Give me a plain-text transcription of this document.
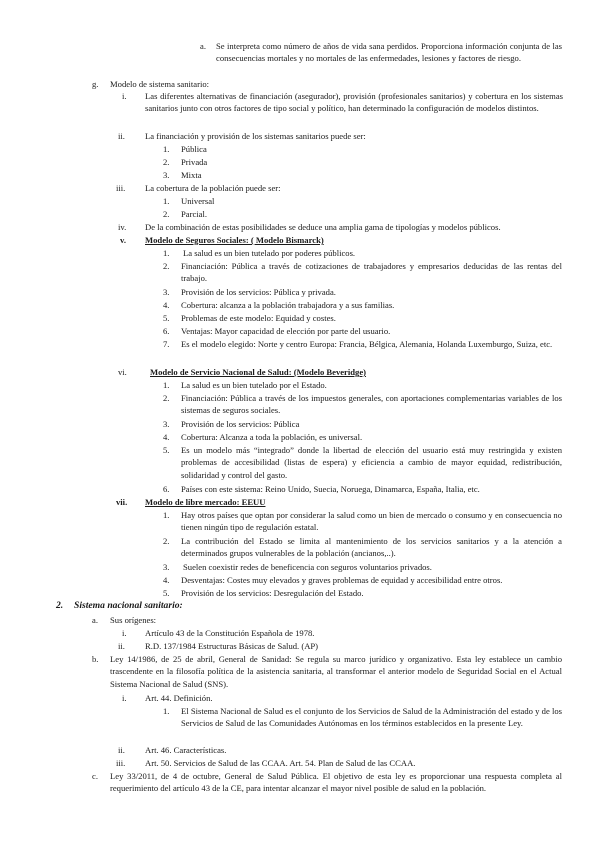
a. Se interpreta como número de años de vida sana perdidos. Proporciona información conjunta de las consecuencias mortales y no mortales de las enfermedades, lesiones y factores de riesgo.
g. Modelo de sistema sanitario:
i. Las diferentes alternativas de financiación (asegurador), provisión (profesionales sanitarios) y cobertura en los sistemas sanitarios junto con otros factores de tipo social y político, han determinado la configuración de modelos distintos.
ii. La financiación y provisión de los sistemas sanitarios puede ser:
1. Pública
2. Privada
3. Mixta
iii. La cobertura de la población puede ser:
1. Universal
2. Parcial.
iv. De la combinación de estas posibilidades se deduce una amplia gama de tipologías y modelos públicos.
v. Modelo de Seguros Sociales: ( Modelo Bismarck)
1. La salud es un bien tutelado por poderes públicos.
2. Financiación: Pública a través de cotizaciones de trabajadores y empresarios deducidas de las rentas del trabajo.
3. Provisión de los servicios: Pública y privada.
4. Cobertura: alcanza a la población trabajadora y a sus familias.
5. Problemas de este modelo: Equidad y costes.
6. Ventajas: Mayor capacidad de elección por parte del usuario.
7. Es el modelo elegido: Norte y centro Europa: Francia, Bélgica, Alemania, Holanda Luxemburgo, Suiza, etc.
vi.	Modelo de Servicio Nacional de Salud: (Modelo Beveridge)
1. La salud es un bien tutelado por el Estado.
2. Financiación: Pública a través de los impuestos generales, con aportaciones complementarias variables de los sistemas de seguros sociales.
3. Provisión de los servicios: Pública
4. Cobertura: Alcanza a toda la población, es universal.
5. Es un modelo más “integrado” donde la libertad de elección del usuario está muy restringida y existen problemas de accesibilidad (listas de espera) y eficiencia a cambio de mayor equidad, redistribución, solidaridad y control del gasto.
6. Países con este sistema: Reino Unido, Suecia, Noruega, Dinamarca, España, Italia, etc.
vii. Modelo de libre mercado: EEUU
1. Hay otros países que optan por considerar la salud como un bien de mercado o consumo y en consecuencia no tienen ningún tipo de regulación estatal.
2. La contribución del Estado se limita al mantenimiento de los servicios sanitarios y a la atención a determinados grupos vulnerables de la población (ancianos,..).
3. Suelen coexistir redes de beneficencia con seguros voluntarios privados.
4. Desventajas: Costes muy elevados y graves problemas de equidad y accesibilidad entre otros.
5. Provisión de los servicios: Desregulación del Estado.
2. Sistema nacional sanitario:
a. Sus orígenes:
i. Artículo 43 de la Constitución Española de 1978.
ii. R.D. 137/1984 Estructuras Básicas de Salud. (AP)
b. Ley 14/1986, de 25 de abril, General de Sanidad: Se regula su marco jurídico y organizativo. Esta ley establece un cambio trascendente en la filosofía política de la asistencia sanitaria, al transformar el anterior modelo de Seguridad Social en el Actual Sistema Nacional de Salud (SNS).
i. Art. 44. Definición.
1. El Sistema Nacional de Salud es el conjunto de los Servicios de Salud de la Administración del estado y de los Servicios de Salud de las Comunidades Autónomas en los términos establecidos en la presente Ley.
ii. Art. 46. Características.
iii. Art. 50. Servicios de Salud de las CCAA. Art. 54. Plan de Salud de las CCAA.
c. Ley 33/2011, de 4 de octubre, General de Salud Pública. El objetivo de esta ley es proporcionar una respuesta completa al requerimiento del artículo 43 de la CE, para intentar alcanzar el mayor nivel posible de salud en la población.
